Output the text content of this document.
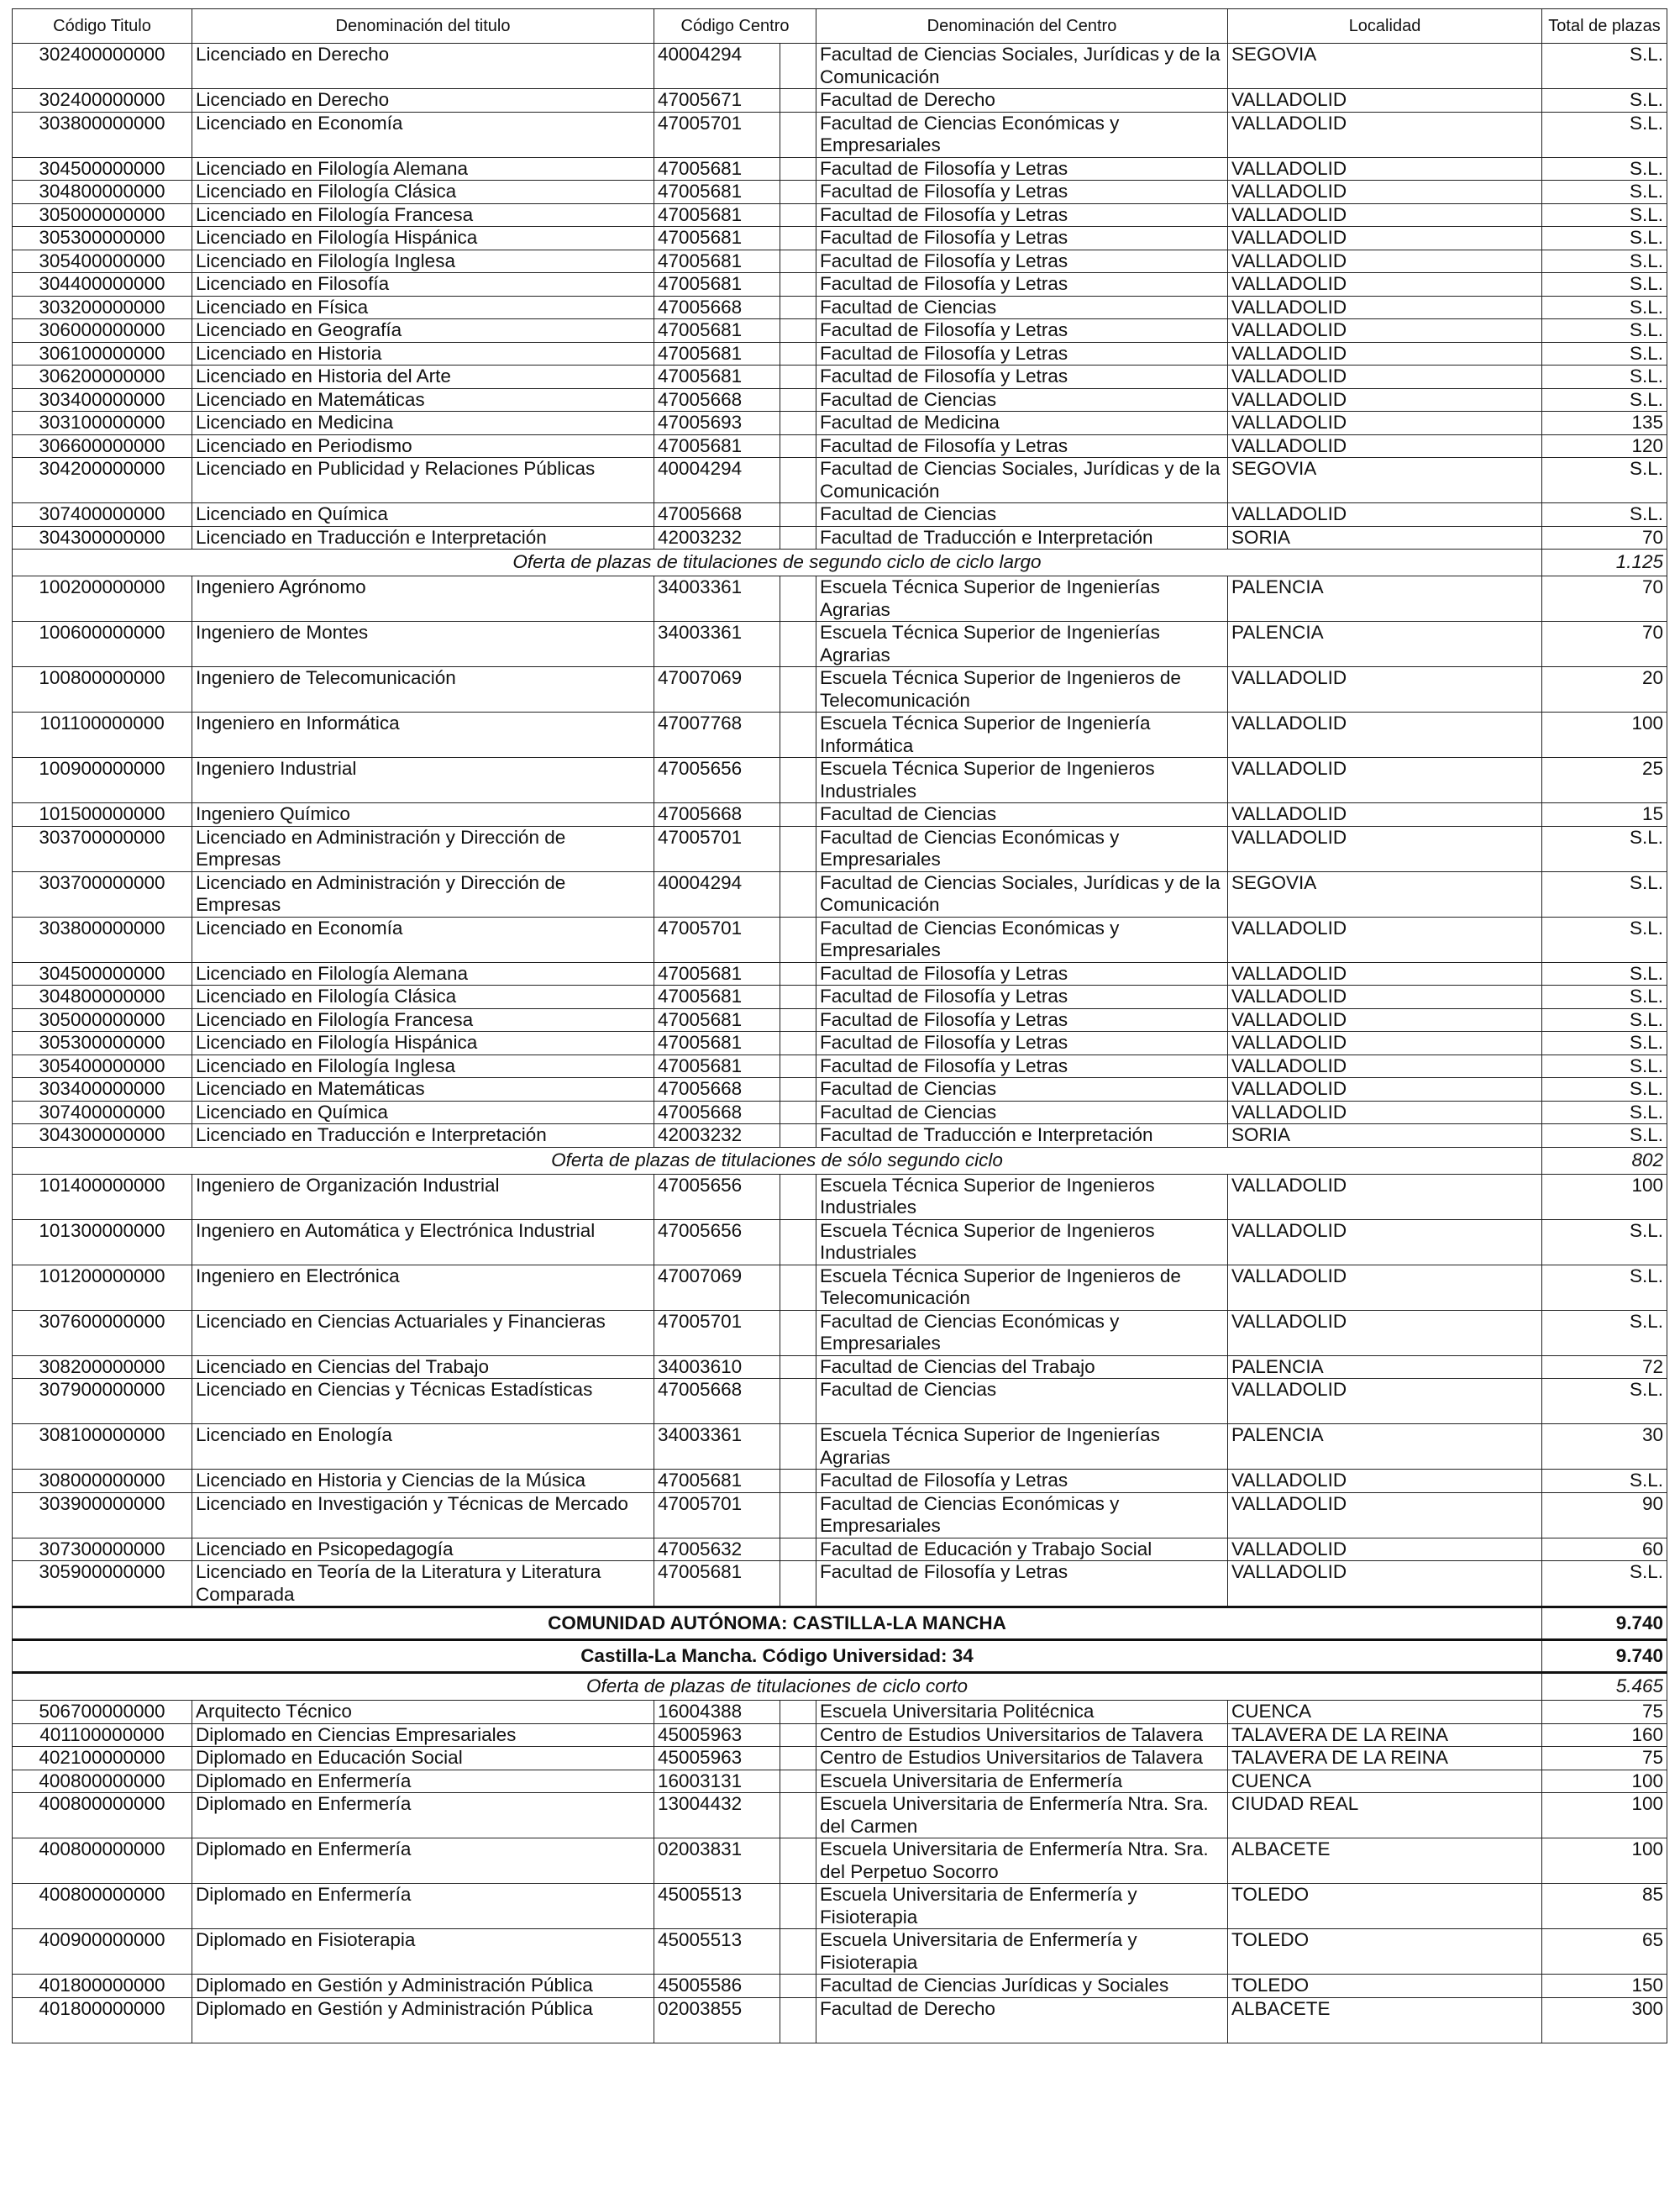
Código Titulo	Denominación del titulo	Código Centro		Denominación del Centro	Localidad	Total de plazas
302400000000	Licenciado en Derecho	40004294		Facultad de Ciencias Sociales, Jurídicas y de la Comunicación	SEGOVIA	S.L.
302400000000	Licenciado en Derecho	47005671		Facultad de Derecho	VALLADOLID	S.L.
303800000000	Licenciado en Economía	47005701		Facultad de Ciencias Económicas y Empresariales	VALLADOLID	S.L.
304500000000	Licenciado en Filología Alemana	47005681		Facultad de Filosofía y Letras	VALLADOLID	S.L.
304800000000	Licenciado en Filología Clásica	47005681		Facultad de Filosofía y Letras	VALLADOLID	S.L.
305000000000	Licenciado en Filología Francesa	47005681		Facultad de Filosofía y Letras	VALLADOLID	S.L.
305300000000	Licenciado en Filología Hispánica	47005681		Facultad de Filosofía y Letras	VALLADOLID	S.L.
305400000000	Licenciado en Filología Inglesa	47005681		Facultad de Filosofía y Letras	VALLADOLID	S.L.
304400000000	Licenciado en Filosofía	47005681		Facultad de Filosofía y Letras	VALLADOLID	S.L.
303200000000	Licenciado en Física	47005668		Facultad de Ciencias	VALLADOLID	S.L.
306000000000	Licenciado en Geografía	47005681		Facultad de Filosofía y Letras	VALLADOLID	S.L.
306100000000	Licenciado en Historia	47005681		Facultad de Filosofía y Letras	VALLADOLID	S.L.
306200000000	Licenciado en Historia del Arte	47005681		Facultad de Filosofía y Letras	VALLADOLID	S.L.
303400000000	Licenciado en Matemáticas	47005668		Facultad de Ciencias	VALLADOLID	S.L.
303100000000	Licenciado en Medicina	47005693		Facultad de Medicina	VALLADOLID	135
306600000000	Licenciado en Periodismo	47005681		Facultad de Filosofía y Letras	VALLADOLID	120
304200000000	Licenciado en Publicidad y Relaciones Públicas	40004294		Facultad de Ciencias Sociales, Jurídicas y de la Comunicación	SEGOVIA	S.L.
307400000000	Licenciado en Química	47005668		Facultad de Ciencias	VALLADOLID	S.L.
304300000000	Licenciado en Traducción e Interpretación	42003232		Facultad de Traducción e Interpretación	SORIA	70
Oferta de plazas de titulaciones de segundo ciclo de ciclo largo						1.125
100200000000	Ingeniero Agrónomo	34003361		Escuela Técnica Superior de Ingenierías Agrarias	PALENCIA	70
100600000000	Ingeniero de Montes	34003361		Escuela Técnica Superior de Ingenierías Agrarias	PALENCIA	70
100800000000	Ingeniero de Telecomunicación	47007069		Escuela Técnica Superior de Ingenieros de Telecomunicación	VALLADOLID	20
101100000000	Ingeniero en Informática	47007768		Escuela Técnica Superior de Ingeniería Informática	VALLADOLID	100
100900000000	Ingeniero Industrial	47005656		Escuela Técnica Superior de Ingenieros Industriales	VALLADOLID	25
101500000000	Ingeniero Químico	47005668		Facultad de Ciencias	VALLADOLID	15
303700000000	Licenciado en Administración y Dirección de Empresas	47005701		Facultad de Ciencias Económicas y Empresariales	VALLADOLID	S.L.
303700000000	Licenciado en Administración y Dirección de Empresas	40004294		Facultad de Ciencias Sociales, Jurídicas y de la Comunicación	SEGOVIA	S.L.
303800000000	Licenciado en Economía	47005701		Facultad de Ciencias Económicas y Empresariales	VALLADOLID	S.L.
304500000000	Licenciado en Filología Alemana	47005681		Facultad de Filosofía y Letras	VALLADOLID	S.L.
304800000000	Licenciado en Filología Clásica	47005681		Facultad de Filosofía y Letras	VALLADOLID	S.L.
305000000000	Licenciado en Filología Francesa	47005681		Facultad de Filosofía y Letras	VALLADOLID	S.L.
305300000000	Licenciado en Filología Hispánica	47005681		Facultad de Filosofía y Letras	VALLADOLID	S.L.
305400000000	Licenciado en Filología Inglesa	47005681		Facultad de Filosofía y Letras	VALLADOLID	S.L.
303400000000	Licenciado en Matemáticas	47005668		Facultad de Ciencias	VALLADOLID	S.L.
307400000000	Licenciado en Química	47005668		Facultad de Ciencias	VALLADOLID	S.L.
304300000000	Licenciado en Traducción e Interpretación	42003232		Facultad de Traducción e Interpretación	SORIA	S.L.
Oferta de plazas de titulaciones de sólo segundo ciclo						802
101400000000	Ingeniero de Organización Industrial	47005656		Escuela Técnica Superior de Ingenieros Industriales	VALLADOLID	100
101300000000	Ingeniero en Automática y Electrónica Industrial	47005656		Escuela Técnica Superior de Ingenieros Industriales	VALLADOLID	S.L.
101200000000	Ingeniero en Electrónica	47007069		Escuela Técnica Superior de Ingenieros de Telecomunicación	VALLADOLID	S.L.
307600000000	Licenciado en Ciencias Actuariales y Financieras	47005701		Facultad de Ciencias Económicas y Empresariales	VALLADOLID	S.L.
308200000000	Licenciado en Ciencias del Trabajo	34003610		Facultad de Ciencias del Trabajo	PALENCIA	72
307900000000	Licenciado en Ciencias y Técnicas Estadísticas	47005668		Facultad de Ciencias	VALLADOLID	S.L.
308100000000	Licenciado en Enología	34003361		Escuela Técnica Superior de Ingenierías Agrarias	PALENCIA	30
308000000000	Licenciado en Historia y Ciencias de la Música	47005681		Facultad de Filosofía y Letras	VALLADOLID	S.L.
303900000000	Licenciado en Investigación y Técnicas de Mercado	47005701		Facultad de Ciencias Económicas y Empresariales	VALLADOLID	90
307300000000	Licenciado en Psicopedagogía	47005632		Facultad de Educación y Trabajo Social	VALLADOLID	60
305900000000	Licenciado en Teoría de la Literatura y Literatura Comparada	47005681		Facultad de Filosofía y Letras	VALLADOLID	S.L.
COMUNIDAD AUTÓNOMA: CASTILLA-LA MANCHA						9.740
Castilla-La Mancha. Código Universidad: 34						9.740
Oferta de plazas de titulaciones de ciclo corto						5.465
506700000000	Arquitecto Técnico	16004388		Escuela Universitaria Politécnica	CUENCA	75
401100000000	Diplomado en Ciencias Empresariales	45005963		Centro de Estudios Universitarios de Talavera	TALAVERA DE LA REINA	160
402100000000	Diplomado en Educación Social	45005963		Centro de Estudios Universitarios de Talavera	TALAVERA DE LA REINA	75
400800000000	Diplomado en Enfermería	16003131		Escuela Universitaria de Enfermería	CUENCA	100
400800000000	Diplomado en Enfermería	13004432		Escuela Universitaria de Enfermería Ntra. Sra. del Carmen	CIUDAD REAL	100
400800000000	Diplomado en Enfermería	02003831		Escuela Universitaria de Enfermería Ntra. Sra. del Perpetuo Socorro	ALBACETE	100
400800000000	Diplomado en Enfermería	45005513		Escuela Universitaria de Enfermería y Fisioterapia	TOLEDO	85
400900000000	Diplomado en Fisioterapia	45005513		Escuela Universitaria de Enfermería y Fisioterapia	TOLEDO	65
401800000000	Diplomado en Gestión y Administración Pública	45005586		Facultad de Ciencias Jurídicas y Sociales	TOLEDO	150
401800000000	Diplomado en Gestión y Administración Pública	02003855		Facultad de Derecho	ALBACETE	300
